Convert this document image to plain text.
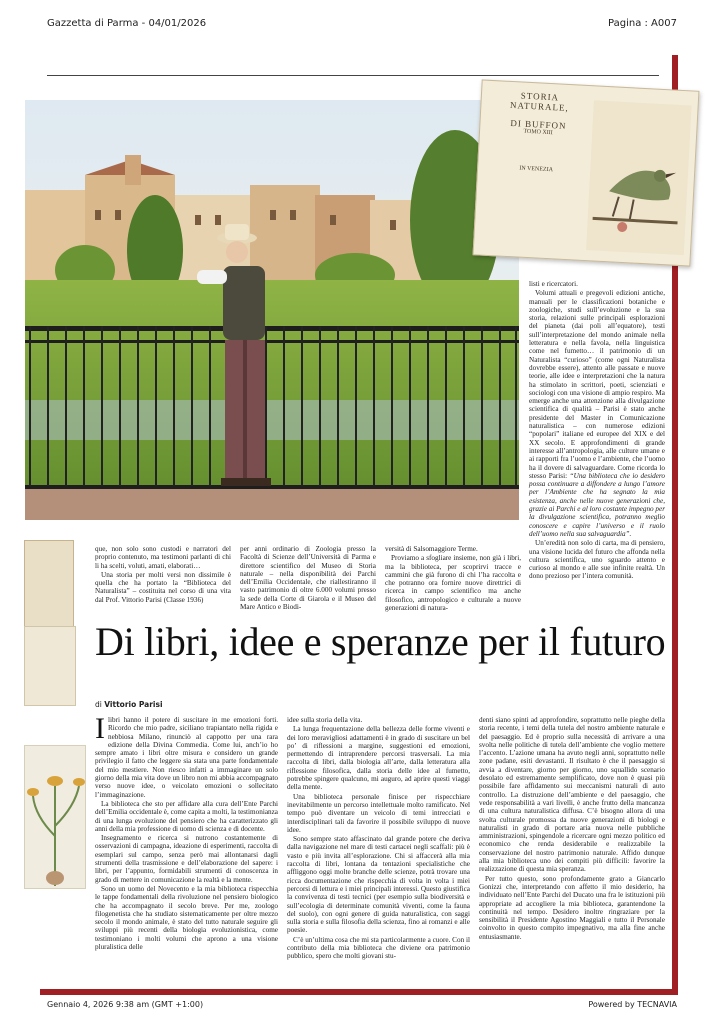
Gazzetta di Parma - 04/01/2026	Pagina : A007
STORIA
NATURALE,
DI BUFFON
TOMO XIII
IN VENEZIA

que, non solo sono custodi e narratori del proprio contenuto, ma testimoni parlanti di chi li ha scelti, voluti, amati, elaborati…

Una storia per molti versi non dissimile è quella che ha portato la “Biblioteca del Naturalista” – costituita nel corso di una vita dal Prof. Vittorio Parisi (Classe 1936)

per anni ordinario di Zoologia presso la Facoltà di Scienze dell’Università di Parma e direttore scientifico del Museo di Storia naturale – nella disponibilità dei Parchi dell’Emilia Occidentale, che riallestiranno il vasto patrimonio di oltre 6.000 volumi presso la sede della Corte di Giarola e il Museo del Mare Antico e Biodi-

versità di Salsomaggiore Terme.

Proviamo a sfogliare insieme, non già i libri, ma la biblioteca, per scoprirvi tracce e cammini che già furono di chi l’ha raccolta e che potranno ora fornire nuove direttrici di ricerca in campo scientifico ma anche filosofico, antropologico e culturale a nuove generazioni di natura-

listi e ricercatori.

Volumi attuali e pregevoli edizioni antiche, manuali per le classificazioni botaniche e zoologiche, studi sull’evoluzione e la sua storia, relazioni sulle principali esplorazioni del pianeta (dai poli all’equatore), testi sull’interpretazione del mondo animale nella letteratura e nella favola, nella linguistica come nel fumetto… il patrimonio di un Naturalista “curioso” (come ogni Naturalista dovrebbe essere), attento alle passate e nuove teorie, alle idee e interpretazioni che la natura ha stimolato in scrittori, poeti, scienziati e sociologi con una visione di ampio respiro. Ma emerge anche una attenzione alla divulgazione scientifica di qualità – Parisi è stato anche presidente del Master in Comunicazione naturalistica – con numerose edizioni “popolari” italiane ed europee del XIX e del XX secolo. E approfondimenti di grande interesse all’antropologia, alle culture umane e ai rapporti fra l’uomo e l’ambiente, che l’uomo ha il dovere di salvaguardare. Come ricorda lo stesso Parisi: “Una biblioteca che io desidero possa continuare a diffondere a lungo l’amore per l’Ambiente che ha segnato la mia esistenza, anche nelle nuove generazioni che, grazie ai Parchi e al loro costante impegno per la divulgazione scientifica, potranno meglio conoscere e capire l’universo e il ruolo dell’uomo nella sua salvaguardia”.

Un’eredità non solo di carta, ma di pensiero, una visione lucida del futuro che affonda nella cultura scientifica, uno sguardo attento e curioso al mondo e alle sue infinite realtà. Un dono prezioso per l’intera comunità.

Di libri, idee e speranze per il futuro
di Vittorio Parisi

Ilibri hanno il potere di suscitare in me emozioni forti. Ricordo che mio padre, siciliano trapiantato nella rigida e nebbiosa Milano, rinunciò al cappotto per una rara edizione della Divina Commedia. Come lui, anch’io ho sempre amato i libri oltre misura e considero un grande privilegio il fatto che leggere sia stata una parte fondamentale del mio mestiere. Non riesco infatti a immaginare un solo giorno della mia vita dove un libro non mi abbia accompagnato verso nuove idee, o veicolato emozioni o sollecitato l’immaginazione.

La biblioteca che sto per affidare alla cura dell’Ente Parchi dell’Emilia occidentale è, come capita a molti, la testimonianza di una lunga evoluzione del pensiero che ha caratterizzato gli anni della mia professione di uomo di scienza e di docente.

Insegnamento e ricerca si nutrono costantemente di osservazioni di campagna, ideazione di esperimenti, raccolta di esemplari sul campo, senza però mai allontanarsi dagli strumenti della trasmissione e dell’elaborazione del sapere: i libri, per l’appunto, formidabili strumenti di conoscenza in grado di mettere in comunicazione la realtà e la mente.

Sono un uomo del Novecento e la mia biblioteca rispecchia le tappe fondamentali della rivoluzione nel pensiero biologico che ha accompagnato il secolo breve. Per me, zoologo filogenetista che ha studiato sistematicamente per oltre mezzo secolo il mondo animale, è stato del tutto naturale seguire gli sviluppi più recenti della biologia evoluzionistica, come testimoniano i molti volumi che aprono a una visione pluralistica delle

idee sulla storia della vita.

La lunga frequentazione della bellezza delle forme viventi e dei loro meravigliosi adattamenti è in grado di suscitare un bel po’ di riflessioni a margine, suggestioni ed emozioni, permettendo di intraprendere percorsi trasversali. La mia raccolta di libri, dalla biologia all’arte, dalla letteratura alla riflessione filosofica, dalla storia delle idee al fumetto, potrebbe spingere qualcuno, mi auguro, ad aprire questi viaggi della mente.

Una biblioteca personale finisce per rispecchiare inevitabilmente un percorso intellettuale molto ramificato. Nel tempo può diventare un veicolo di temi intrecciati e interdisciplinari tali da favorire il possibile sviluppo di nuove idee.

Sono sempre stato affascinato dal grande potere che deriva dalla navigazione nel mare di testi cartacei negli scaffali: più è vasto e più invita all’esplorazione. Chi si affaccerà alla mia raccolta di libri, lontana da tentazioni specialistiche che affliggono oggi molte branche delle scienze, potrà trovare una ricca documentazione che rispecchia di volta in volta i miei percorsi di lettura e i miei principali interessi. Questo giustifica la convivenza di testi tecnici (per esempio sulla biodiversità e sull’ecologia di determinate comunità viventi, come la fauna del suolo), con ogni genere di guida naturalistica, con saggi sulla storia e sulla filosofia della scienza, fino ai romanzi e alle poesie.

C’è un’ultima cosa che mi sta particolarmente a cuore. Con il contributo della mia biblioteca che diviene ora patrimonio pubblico, spero che molti giovani stu-

denti siano spinti ad approfondire, soprattutto nelle pieghe della storia recente, i temi della tutela del nostro ambiente naturale e del paesaggio. Ed è proprio sulla necessità di arrivare a una svolta nelle politiche di tutela dell’ambiente che voglio mettere l’accento. L’azione umana ha avuto negli anni, soprattutto nelle zone padane, esiti devastanti. Il risultato è che il paesaggio si avvia a diventare, giorno per giorno, uno squallido scenario desolato ed estremamente semplificato, dove non è quasi più possibile fare affidamento sui meccanismi naturali di auto controllo. La distruzione dell’ambiente e del paesaggio, che vede responsabilità a vari livelli, è anche frutto della mancanza di una cultura naturalistica diffusa. C’è bisogno allora di una svolta culturale promossa da nuove generazioni di biologi e naturalisti in grado di portare aria nuova nelle pubbliche amministrazioni, spingendole a ricercare ogni mezzo politico ed economico che renda desiderabile e realizzabile la conservazione del nostro patrimonio naturale. Affido dunque alla mia biblioteca uno dei compiti più difficili: favorire la realizzazione di questa mia speranza.

Per tutto questo, sono profondamente grato a Giancarlo Gonizzi che, interpretando con affetto il mio desiderio, ha individuato nell’Ente Parchi del Ducato una fra le istituzioni più appropriate ad accogliere la mia biblioteca, garantendone la continuità nel tempo. Desidero inoltre ringraziare per la sensibilità il Presidente Agostino Maggiali e tutto il Personale coinvolto in questo compito impegnativo, ma alla fine anche entusiasmante.

Gennaio 4, 2026 9:38 am (GMT +1:00)	Powered by TECNAVIA
